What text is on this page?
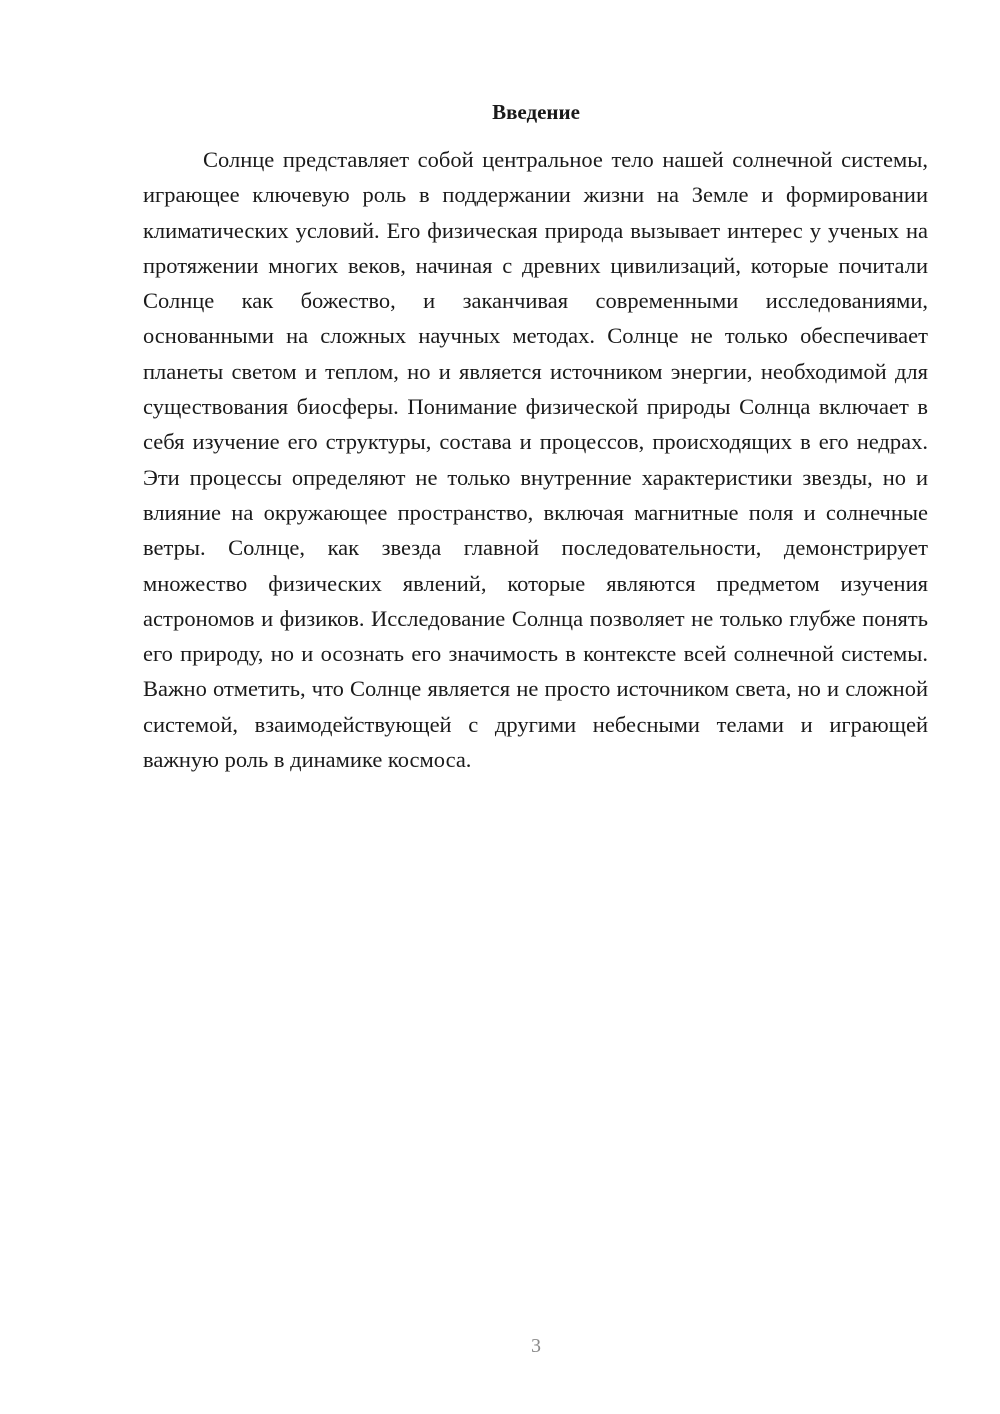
Введение

Солнце представляет собой центральное тело нашей солнечной системы, играющее ключевую роль в поддержании жизни на Земле и формировании климатических условий. Его физическая природа вызывает интерес у ученых на протяжении многих веков, начиная с древних цивилизаций, которые почитали Солнце как божество, и заканчивая современными исследованиями, основанными на сложных научных методах. Солнце не только обеспечивает планеты светом и теплом, но и является источником энергии, необходимой для существования биосферы. Понимание физической природы Солнца включает в себя изучение его структуры, состава и процессов, происходящих в его недрах. Эти процессы определяют не только внутренние характеристики звезды, но и влияние на окружающее пространство, включая магнитные поля и солнечные ветры. Солнце, как звезда главной последовательности, демонстрирует множество физических явлений, которые являются предметом изучения астрономов и физиков. Исследование Солнца позволяет не только глубже понять его природу, но и осознать его значимость в контексте всей солнечной системы. Важно отметить, что Солнце является не просто источником света, но и сложной системой, взаимодействующей с другими небесными телами и играющей важную роль в динамике космоса.

3
